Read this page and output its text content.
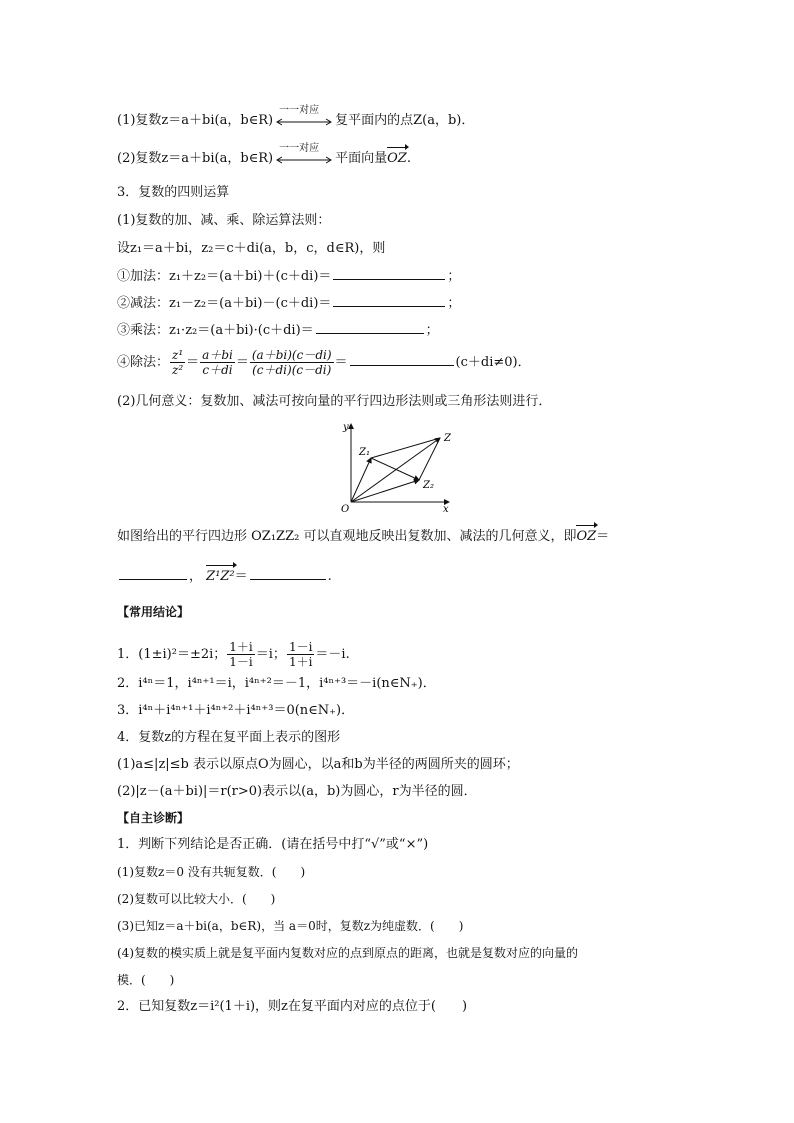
(1)复数z＝a＋bi(a，b∈R)
一一对应
复平面内的点Z(a，b)．
(2)复数z＝a＋bi(a，b∈R)
一一对应
平面向量OZ.
3．复数的四则运算
(1)复数的加、减、乘、除运算法则：
设z₁＝a＋bi，z₂＝c＋di(a，b，c，d∈R)，则
①加法：z₁＋z₂＝(a＋bi)＋(c＋di)＝	；
②减法：z₁－z₂＝(a＋bi)－(c＋di)＝	；
③乘法：z₁·z₂＝(a＋bi)·(c＋di)＝	；
④除法： $\frac{\text{z¹}}{\text{z²}} = \frac{a+bi}{c+di} = \frac{(a+bi)(c-di)}{(c+di)(c-di)}$ ＝	(c＋di≠0)．
(2)几何意义：复数加、减法可按向量的平行四边形法则或三角形法则进行．
y
x
O
Z
Z₁
Z₂
如图给出的平行四边形 OZ₁ZZ₂ 可以直观地反映出复数加、减法的几何意义，即OZ＝
， Z¹Z²＝	.
【常用结论】
1．(1±i)²＝±2i； $\frac{1+i}{1-i} =i$； $\frac{1-i}{1+i} =-i$.
2．i⁴ⁿ＝1，i⁴ⁿ⁺¹＝i，i⁴ⁿ⁺²＝－1，i⁴ⁿ⁺³＝－i(n∈N₊)．
3．i⁴ⁿ＋i⁴ⁿ⁺¹＋i⁴ⁿ⁺²＋i⁴ⁿ⁺³＝0(n∈N₊)．
4．复数z的方程在复平面上表示的图形
(1)a≤|z|≤b 表示以原点O为圆心，以a和b为半径的两圆所夹的圆环；
(2)|z－(a＋bi)|＝r(r>0)表示以(a，b)为圆心，r为半径的圆．
【自主诊断】
1．判断下列结论是否正确．(请在括号中打“√”或“×”)
(1)复数z＝0 没有共轭复数．(　　)
(2)复数可以比较大小．(　　)
(3)已知z＝a＋bi(a，b∈R)，当 a＝0时，复数z为纯虚数．(　　)
(4)复数的模实质上就是复平面内复数对应的点到原点的距离，也就是复数对应的向量的
模．(　　)
2．已知复数z＝i²(1＋i)，则z在复平面内对应的点位于(　　)
